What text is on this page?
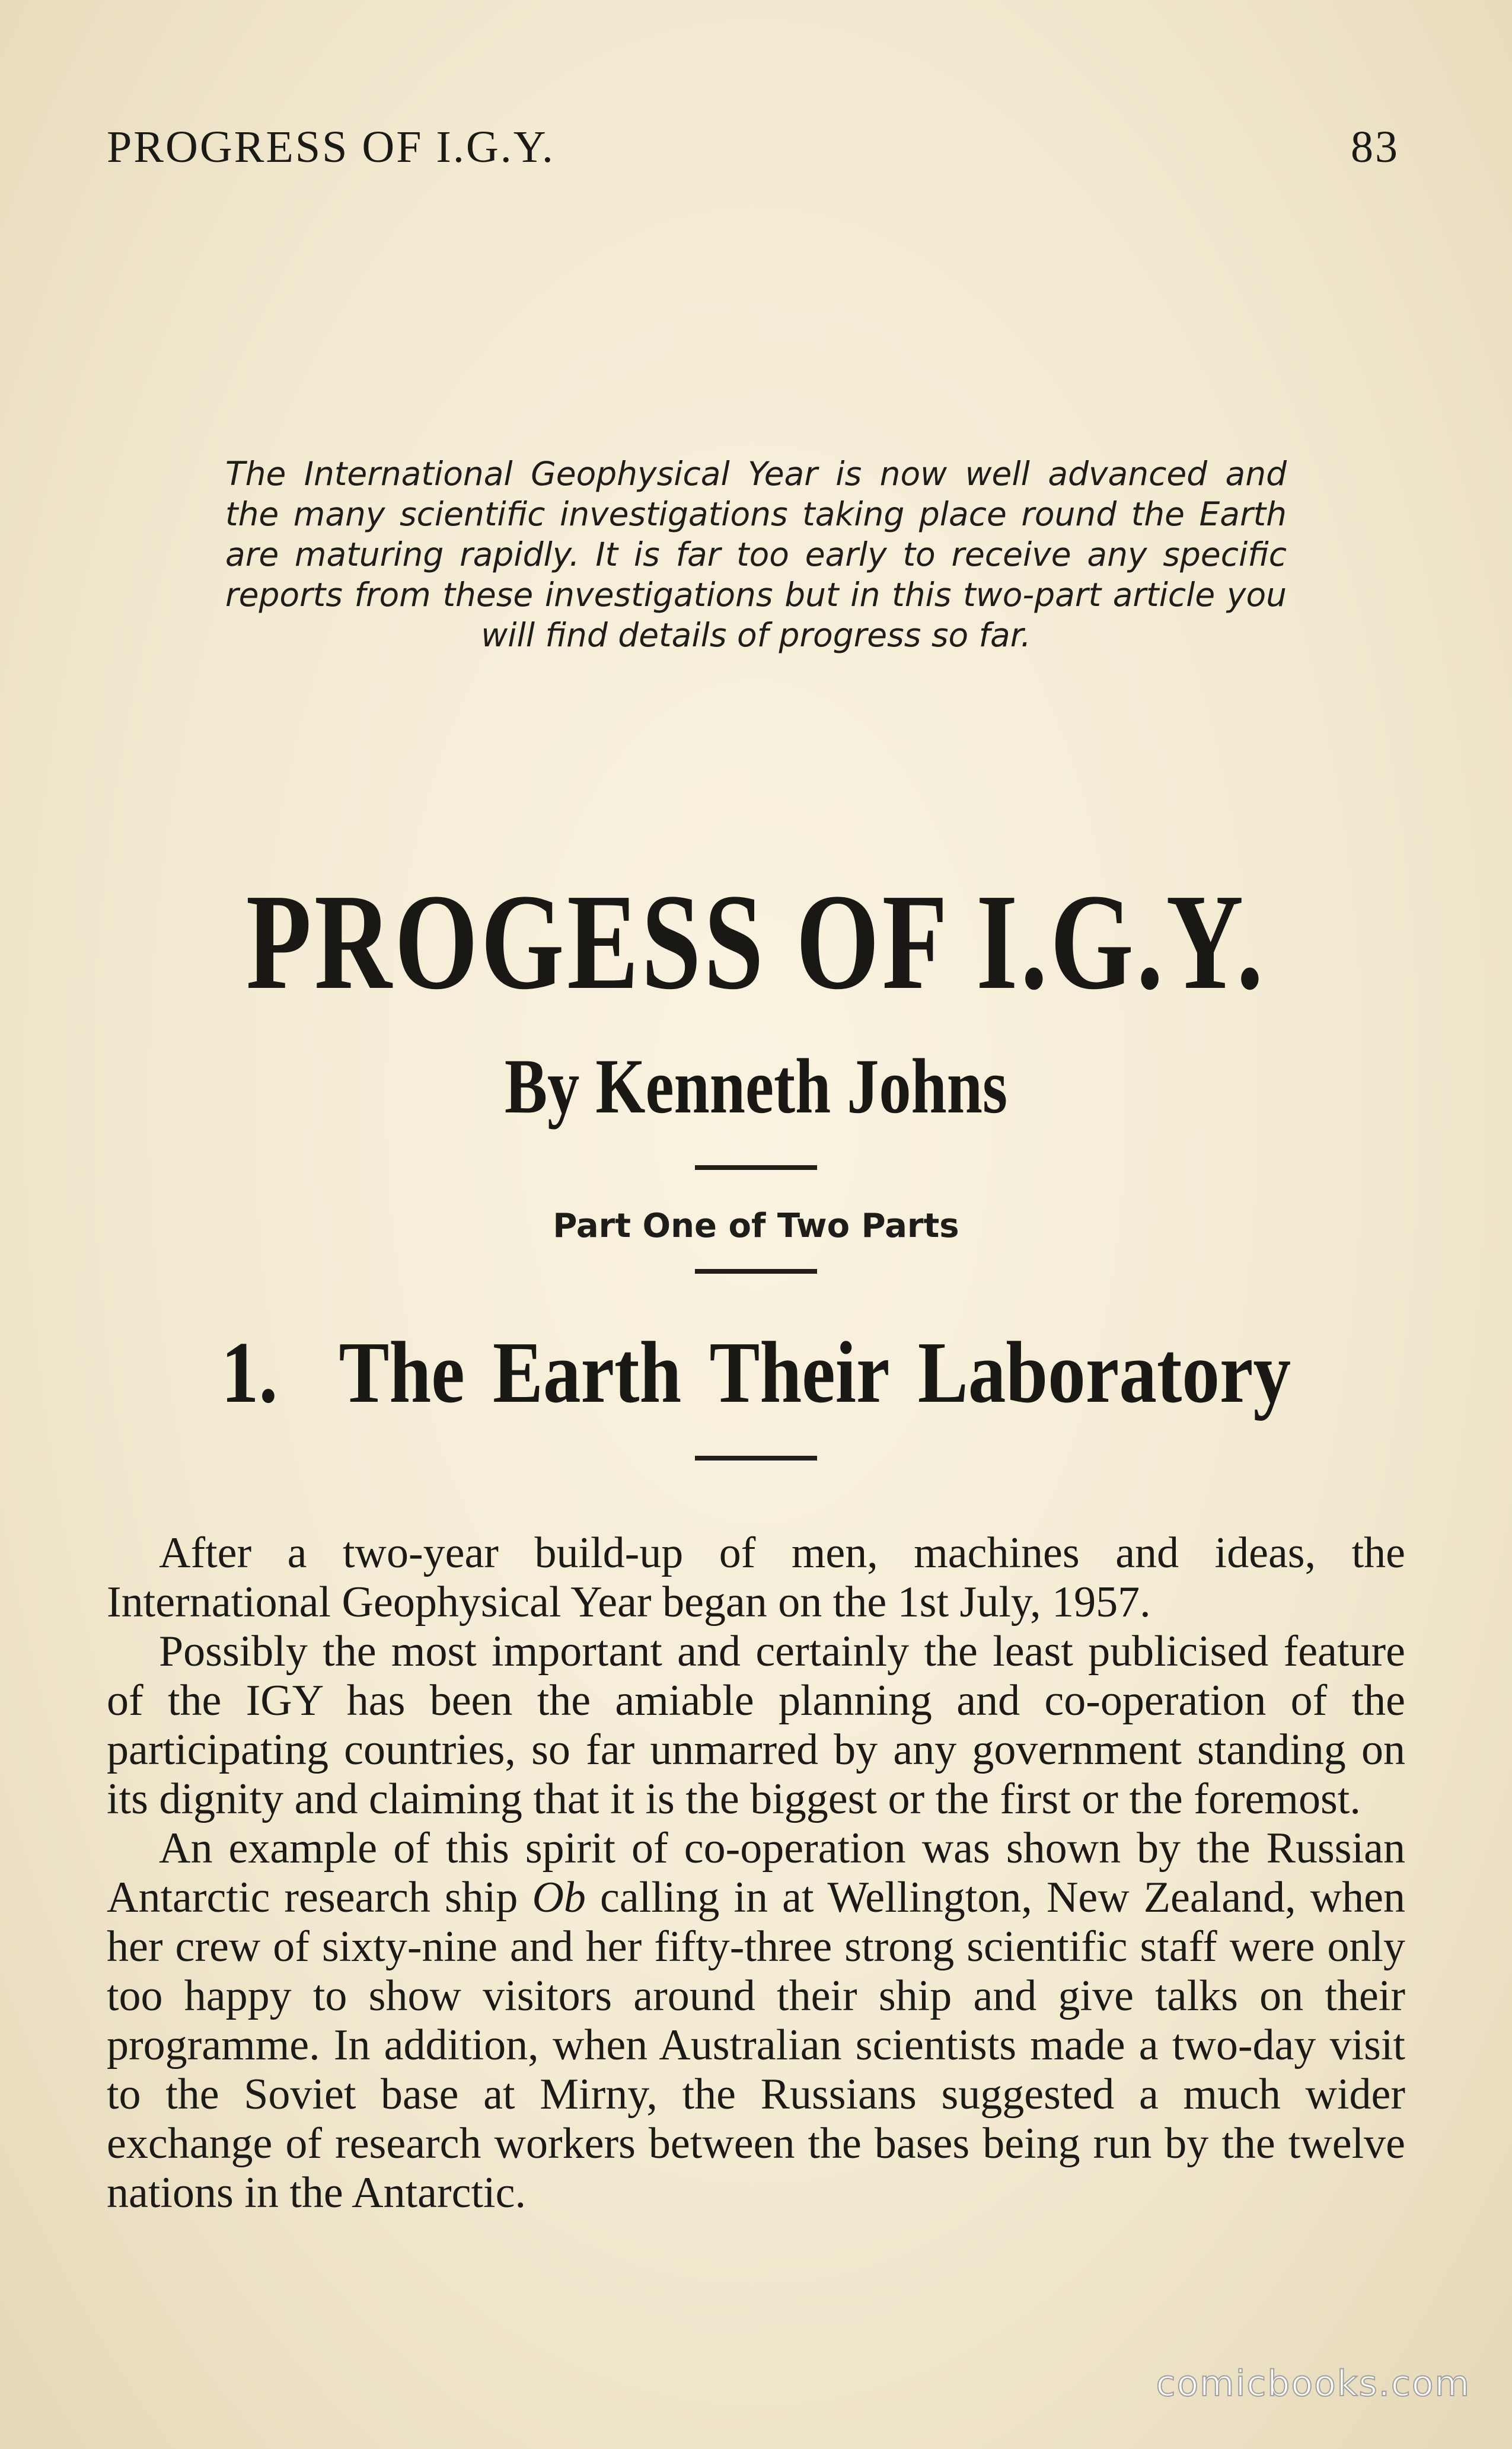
PROGRESS OF I.G.Y.	83
The International Geophysical Year is now well advanced and the many scientific investigations taking place round the Earth are maturing rapidly. It is far too early to receive any specific reports from these investigations but in this two-part article you will find details of progress so far.
PROGESS OF I.G.Y.
By Kenneth Johns
Part One of Two Parts
1. The Earth Their Laboratory

After a two-year build-up of men, machines and ideas, the International Geophysical Year began on the 1st July, 1957.

Possibly the most important and certainly the least publicised feature of the IGY has been the amiable planning and co-operation of the participating countries, so far unmarred by any government standing on its dignity and claiming that it is the biggest or the first or the foremost.

An example of this spirit of co-operation was shown by the Russian Antarctic research ship Ob calling in at Wellington, New Zealand, when her crew of sixty-nine and her fifty-three strong scientific staff were only too happy to show visitors around their ship and give talks on their programme. In addition, when Australian scientists made a two-day visit to the Soviet base at Mirny, the Russians suggested a much wider exchange of research workers between the bases being run by the twelve nations in the Antarctic.

comicbooks.com
